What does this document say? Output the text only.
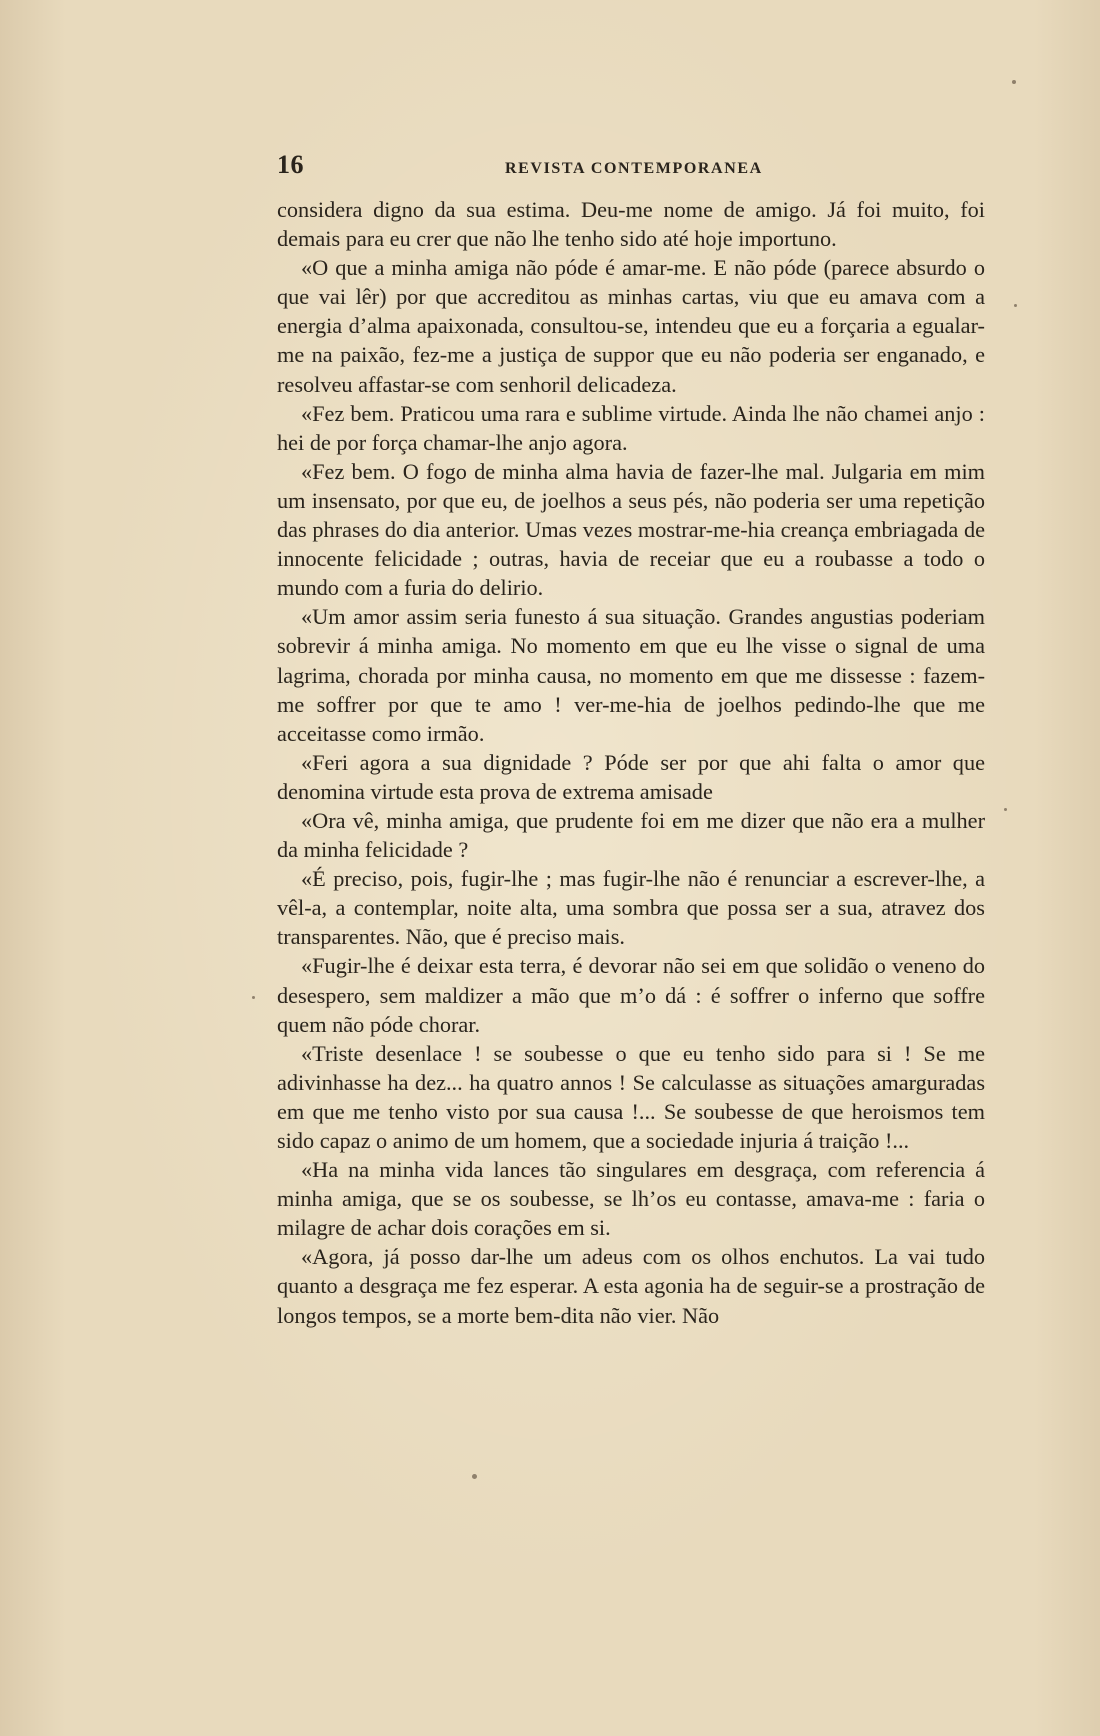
16	REVISTA CONTEMPORANEA

considera digno da sua estima. Deu-me nome de amigo. Já foi muito, foi demais para eu crer que não lhe tenho sido até hoje importuno.

«O que a minha amiga não póde é amar-me. E não póde (parece absurdo o que vai lêr) por que accreditou as minhas cartas, viu que eu amava com a energia d’alma apaixonada, consultou-se, intendeu que eu a forçaria a egualar-me na paixão, fez-me a justiça de suppor que eu não poderia ser enganado, e resolveu affastar-se com senhoril delicadeza.

«Fez bem. Praticou uma rara e sublime virtude. Ainda lhe não chamei anjo : hei de por força chamar-lhe anjo agora.

«Fez bem. O fogo de minha alma havia de fazer-lhe mal. Julgaria em mim um insensato, por que eu, de joelhos a seus pés, não poderia ser uma repetição das phrases do dia anterior. Umas vezes mostrar-me-hia creança embriagada de innocente felicidade ; outras, havia de receiar que eu a roubasse a todo o mundo com a furia do delirio.

«Um amor assim seria funesto á sua situação. Grandes angustias poderiam sobrevir á minha amiga. No momento em que eu lhe visse o signal de uma lagrima, chorada por minha causa, no momento em que me dissesse : fazem-me soffrer por que te amo ! ver-me-hia de joelhos pedindo-lhe que me acceitasse como irmão.

«Feri agora a sua dignidade ? Póde ser por que ahi falta o amor que denomina virtude esta prova de extrema amisade

«Ora vê, minha amiga, que prudente foi em me dizer que não era a mulher da minha felicidade ?

«É preciso, pois, fugir-lhe ; mas fugir-lhe não é renunciar a escrever-lhe, a vêl-a, a contemplar, noite alta, uma sombra que possa ser a sua, atravez dos transparentes. Não, que é preciso mais.

«Fugir-lhe é deixar esta terra, é devorar não sei em que solidão o veneno do desespero, sem maldizer a mão que m’o dá : é soffrer o inferno que soffre quem não póde chorar.

«Triste desenlace ! se soubesse o que eu tenho sido para si ! Se me adivinhasse ha dez... ha quatro annos ! Se calculasse as situações amarguradas em que me tenho visto por sua causa !... Se soubesse de que heroismos tem sido capaz o animo de um homem, que a sociedade injuria á traição !...

«Ha na minha vida lances tão singulares em desgraça, com referencia á minha amiga, que se os soubesse, se lh’os eu contasse, amava-me : faria o milagre de achar dois corações em si.

«Agora, já posso dar-lhe um adeus com os olhos enchutos. La vai tudo quanto a desgraça me fez esperar. A esta agonia ha de seguir-se a prostração de longos tempos, se a morte bem-dita não vier. Não
